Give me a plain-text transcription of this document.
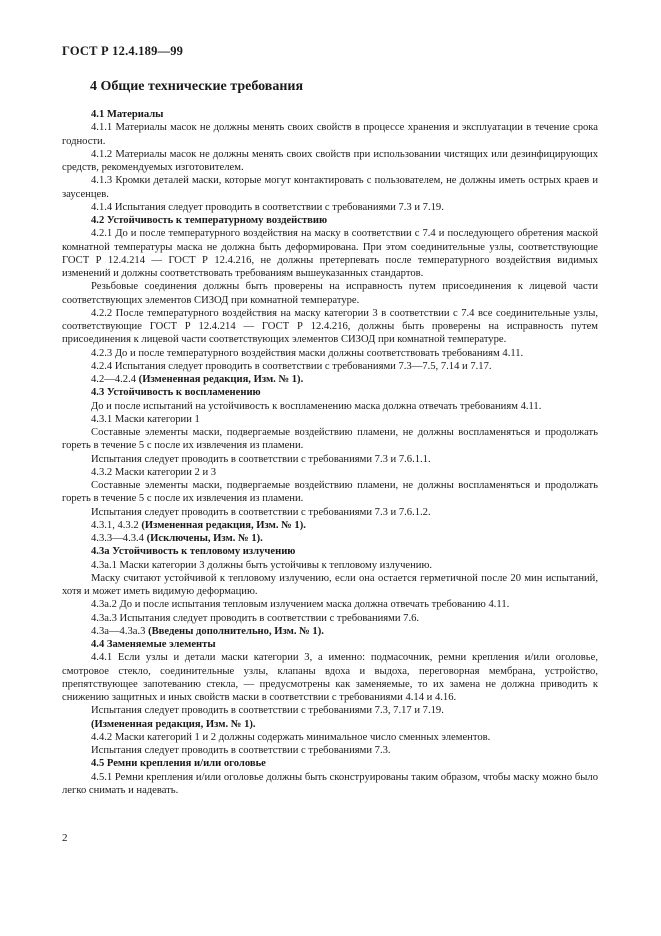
ГОСТ Р 12.4.189—99
4 Общие технические требования

4.1 Материалы

4.1.1 Материалы масок не должны менять своих свойств в процессе хранения и эксплуатации в течение срока годности.

4.1.2 Материалы масок не должны менять своих свойств при использовании чистящих или дезинфицирующих средств, рекомендуемых изготовителем.

4.1.3 Кромки деталей маски, которые могут контактировать с пользователем, не должны иметь острых краев и заусенцев.

4.1.4 Испытания следует проводить в соответствии с требованиями 7.3 и 7.19.

4.2 Устойчивость к температурному воздействию

4.2.1 До и после температурного воздействия на маску в соответствии с 7.4 и последующего обретения маской комнатной температуры маска не должна быть деформирована. При этом соединительные узлы, соответствующие ГОСТ Р 12.4.214 — ГОСТ Р 12.4.216, не должны претерпевать после температурного воздействия видимых изменений и должны соответствовать требованиям вышеуказанных стандартов.

Резьбовые соединения должны быть проверены на исправность путем присоединения к лицевой части соответствующих элементов СИЗОД при комнатной температуре.

4.2.2 После температурного воздействия на маску категории 3 в соответствии с 7.4 все соединительные узлы, соответствующие ГОСТ Р 12.4.214 — ГОСТ Р 12.4.216, должны быть проверены на исправность путем присоединения к лицевой части соответствующих элементов СИЗОД при комнатной температуре.

4.2.3 До и после температурного воздействия маски должны соответствовать требованиям 4.11.

4.2.4 Испытания следует проводить в соответствии с требованиями 7.3—7.5, 7.14 и 7.17.

4.2—4.2.4 (Измененная редакция, Изм. № 1).

4.3 Устойчивость к воспламенению

До и после испытаний на устойчивость к воспламенению маска должна отвечать требованиям 4.11.

4.3.1 Маски категории 1

Составные элементы маски, подвергаемые воздействию пламени, не должны воспламеняться и продолжать гореть в течение 5 с после их извлечения из пламени.

Испытания следует проводить в соответствии с требованиями 7.3 и 7.6.1.1.

4.3.2 Маски категории 2 и 3

Составные элементы маски, подвергаемые воздействию пламени, не должны воспламеняться и продолжать гореть в течение 5 с после их извлечения из пламени.

Испытания следует проводить в соответствии с требованиями 7.3 и 7.6.1.2.

4.3.1, 4.3.2 (Измененная редакция, Изм. № 1).

4.3.3—4.3.4 (Исключены, Изм. № 1).

4.3а Устойчивость к тепловому излучению

4.3а.1 Маски категории 3 должны быть устойчивы к тепловому излучению.

Маску считают устойчивой к тепловому излучению, если она остается герметичной после 20 мин испытаний, хотя и может иметь видимую деформацию.

4.3а.2 До и после испытания тепловым излучением маска должна отвечать требованию 4.11.

4.3а.3 Испытания следует проводить в соответствии с требованиями 7.6.

4.3а—4.3а.3 (Введены дополнительно, Изм. № 1).

4.4 Заменяемые элементы

4.4.1 Если узлы и детали маски категории 3, а именно: подмасочник, ремни крепления и/или оголовье, смотровое стекло, соединительные узлы, клапаны вдоха и выдоха, переговорная мембрана, устройство, препятствующее запотеванию стекла, — предусмотрены как заменяемые, то их замена не должна приводить к снижению защитных и иных свойств маски в соответствии с требованиями 4.14 и 4.16.

Испытания следует проводить в соответствии с требованиями 7.3, 7.17 и 7.19.

(Измененная редакция, Изм. № 1).

4.4.2 Маски категорий 1 и 2 должны содержать минимальное число сменных элементов.

Испытания следует проводить в соответствии с требованиями 7.3.

4.5 Ремни крепления и/или оголовье

4.5.1 Ремни крепления и/или оголовье должны быть сконструированы таким образом, чтобы маску можно было легко снимать и надевать.

2
